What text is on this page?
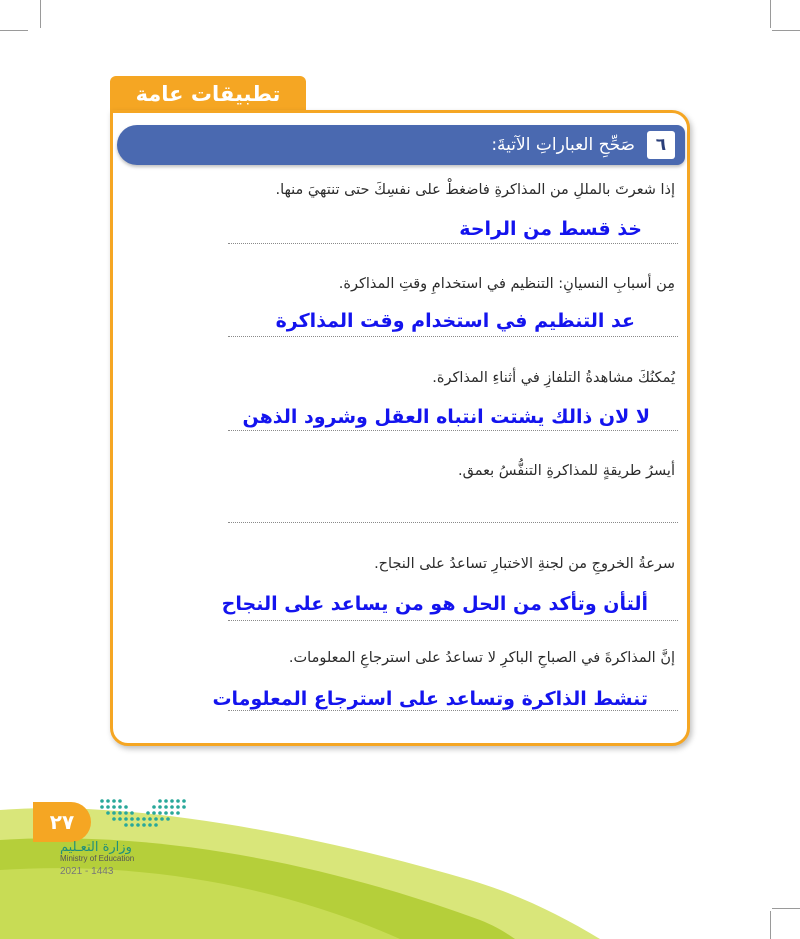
تطبيقات عامة
٦
صَحِّحِ العباراتِ الآتيةَ:
إذا شعرتَ بالمللِ من المذاكرةِ فاضغطْ على نفسِكَ حتى تنتهيَ منها.
خذ قسط من الراحة
مِن أسبابِ النسيانِ: التنظيم في استخدامِ وقتِ المذاكرة.
عد التنظيم في استخدام وقت المذاكرة
يُمكنُكَ مشاهدةُ التلفازِ في أثناءِ المذاكرة.
لا لان ذالك يشتت انتباه العقل وشرود الذهن
أيسرُ طريقةٍ للمذاكرةِ التنفُّسُ بعمق.
سرعةُ الخروجِ من لجنةِ الاختبارِ تساعدُ على النجاح.
ألتأن وتأكد من الحل هو من يساعد على النجاح
إنَّ المذاكرةَ في الصباحِ الباكرِ لا تساعدُ على استرجاعِ المعلومات.
تنشط الذاكرة وتساعد على استرجاع المعلومات
٢٧
وزارة التعـليم
Ministry of Education
2021 - 1443
